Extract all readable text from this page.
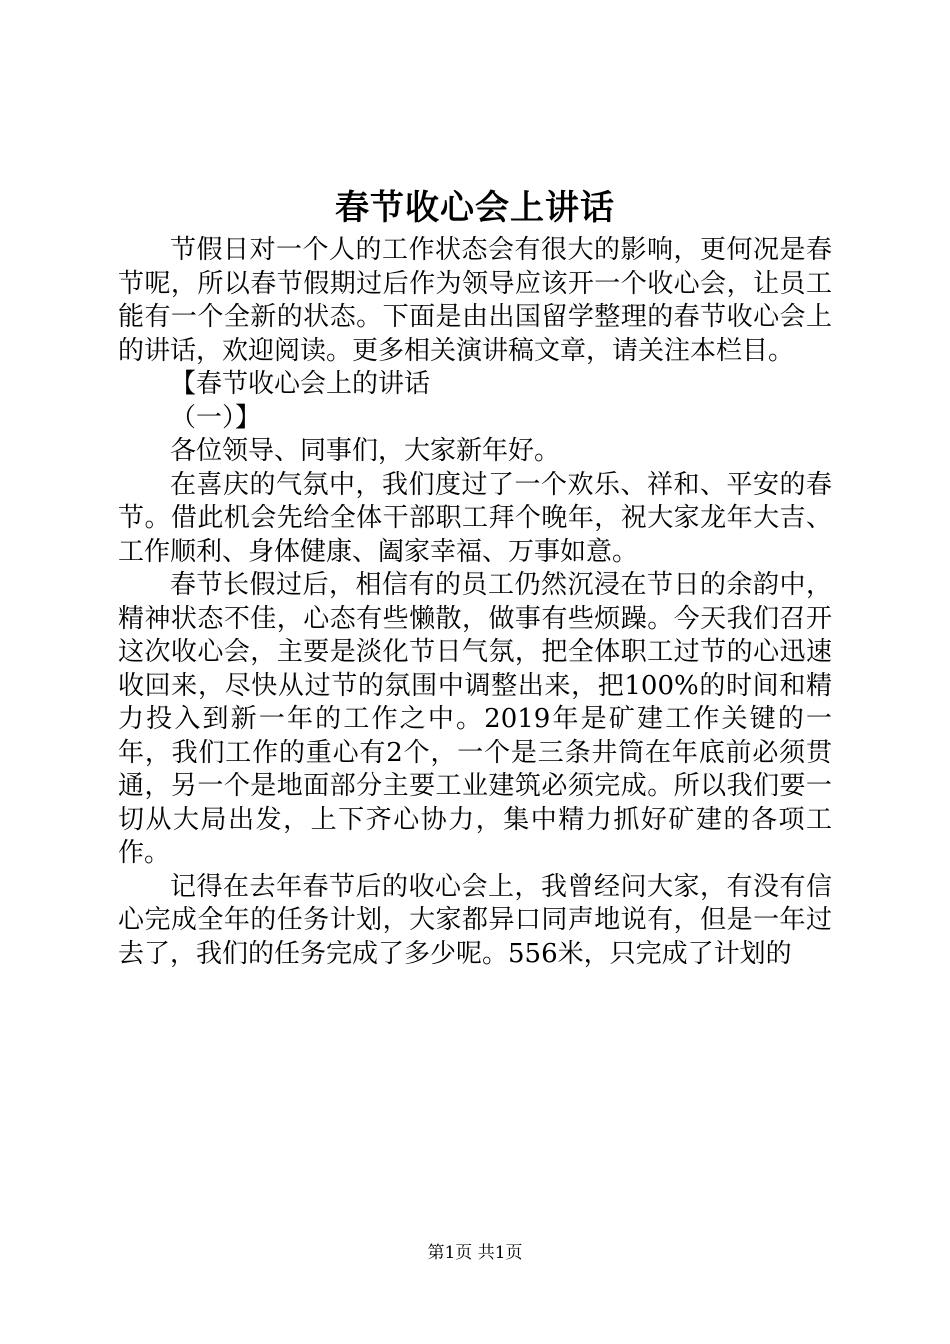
春节收心会上讲话

节假日对一个人的工作状态会有很大的影响，更何况是春节呢，所以春节假期过后作为领导应该开一个收心会，让员工能有一个全新的状态。下面是由出国留学整理的春节收心会上的讲话，欢迎阅读。更多相关演讲稿文章，请关注本栏目。

【春节收心会上的讲话

（一）】

各位领导、同事们，大家新年好。

在喜庆的气氛中，我们度过了一个欢乐、祥和、平安的春节。借此机会先给全体干部职工拜个晚年，祝大家龙年大吉、工作顺利、身体健康、阖家幸福、万事如意。

春节长假过后，相信有的员工仍然沉浸在节日的余韵中，精神状态不佳，心态有些懒散，做事有些烦躁。今天我们召开这次收心会，主要是淡化节日气氛，把全体职工过节的心迅速收回来，尽快从过节的氛围中调整出来，把100%的时间和精力投入到新一年的工作之中。2019年是矿建工作关键的一年，我们工作的重心有2个，一个是三条井筒在年底前必须贯通，另一个是地面部分主要工业建筑必须完成。所以我们要一切从大局出发，上下齐心协力，集中精力抓好矿建的各项工作。

记得在去年春节后的收心会上，我曾经问大家，有没有信心完成全年的任务计划，大家都异口同声地说有，但是一年过去了，我们的任务完成了多少呢。556米，只完成了计划的

第1页 共1页
